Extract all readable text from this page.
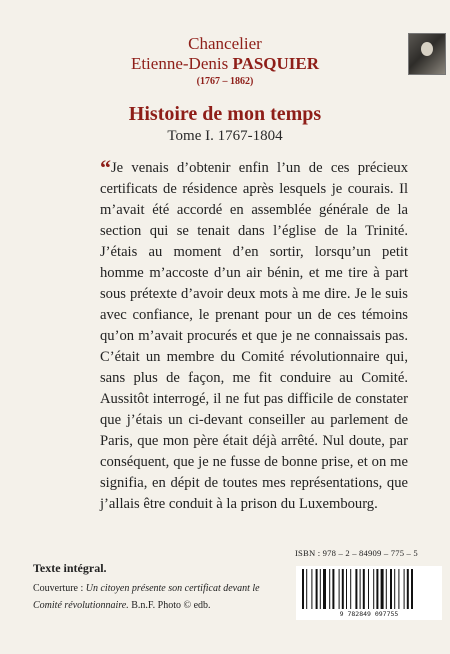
Chancelier
Etienne-Denis PASQUIER
(1767 – 1862)
Histoire de mon temps
Tome I. 1767-1804
“Je venais d’obtenir enfin l’un de ces précieux certificats de résidence après lesquels je courais. Il m’avait été accordé en assemblée générale de la section qui se tenait dans l’église de la Trinité. J’étais au moment d’en sortir, lorsqu’un petit homme m’accoste d’un air bénin, et me tire à part sous prétexte d’avoir deux mots à me dire. Je le suis avec confiance, le prenant pour un de ces témoins qu’on m’avait procurés et que je ne connaissais pas. C’était un membre du Comité révolutionnaire qui, sans plus de façon, me fit conduire au Comité. Aussitôt interrogé, il ne fut pas difficile de constater que j’étais un ci-devant conseiller au parlement de Paris, que mon père était déjà arrêté. Nul doute, par conséquent, que je ne fusse de bonne prise, et on me signifia, en dépit de toutes mes représentations, que j’allais être conduit à la prison du Luxembourg.
Texte intégral.
Couverture : Un citoyen présente son certificat devant le Comité révolutionnaire. B.n.F. Photo © edb.
ISBN : 978 – 2 – 84909 – 775 – 5
9 782849 097755
